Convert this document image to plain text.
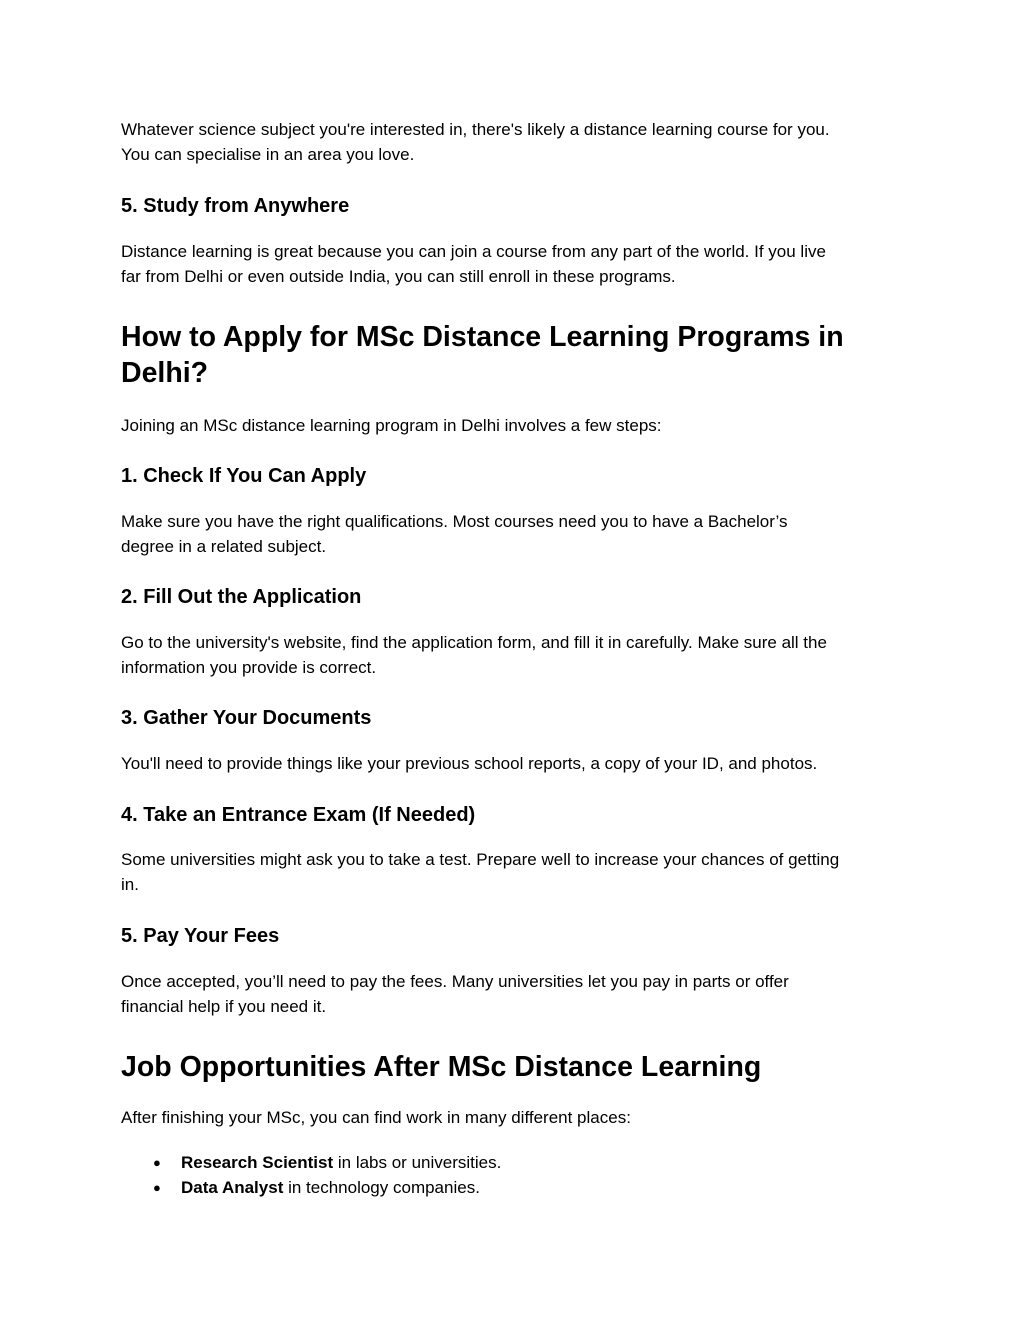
Whatever science subject you're interested in, there's likely a distance learning course for you.
You can specialise in an area you love.

5. Study from Anywhere

Distance learning is great because you can join a course from any part of the world. If you live
far from Delhi or even outside India, you can still enroll in these programs.

How to Apply for MSc Distance Learning Programs in
Delhi?

Joining an MSc distance learning program in Delhi involves a few steps:

1. Check If You Can Apply

Make sure you have the right qualifications. Most courses need you to have a Bachelor’s
degree in a related subject.

2. Fill Out the Application

Go to the university's website, find the application form, and fill it in carefully. Make sure all the
information you provide is correct.

3. Gather Your Documents

You'll need to provide things like your previous school reports, a copy of your ID, and photos.

4. Take an Entrance Exam (If Needed)

Some universities might ask you to take a test. Prepare well to increase your chances of getting
in.

5. Pay Your Fees

Once accepted, you’ll need to pay the fees. Many universities let you pay in parts or offer
financial help if you need it.

Job Opportunities After MSc Distance Learning

After finishing your MSc, you can find work in many different places:

● Research Scientist in labs or universities.
● Data Analyst in technology companies.
